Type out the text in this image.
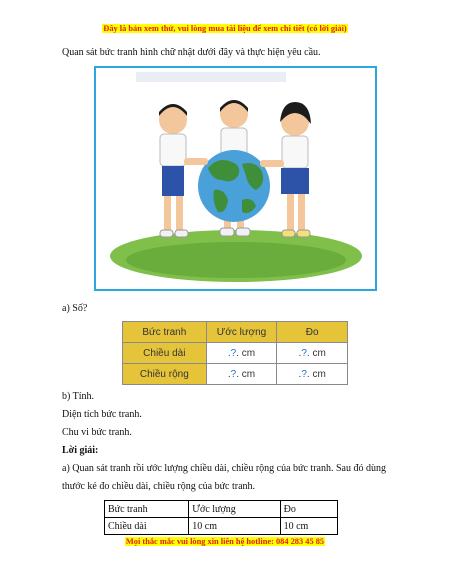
Đây là bản xem thử, vui lòng mua tài liệu để xem chi tiết (có lời giải)
Quan sát bức tranh hình chữ nhật dưới đây và thực hiện yêu cầu.
a) Số?
Bức tranh	Ước lượng	Đo
Chiều dài	.?. cm	.?. cm
Chiều rộng	.?. cm	.?. cm
b) Tính.
Diện tích bức tranh.
Chu vi bức tranh.
Lời giải:
a) Quan sát tranh rồi ước lượng chiều dài, chiều rộng của bức tranh. Sau đó dùng
thước kẻ đo chiều dài, chiều rộng của bức tranh.
Bức tranh	Ước lượng	Đo
Chiều dài	10 cm	10 cm
Mọi thắc mắc vui lòng xin liên hệ hotline: 084 283 45 85
